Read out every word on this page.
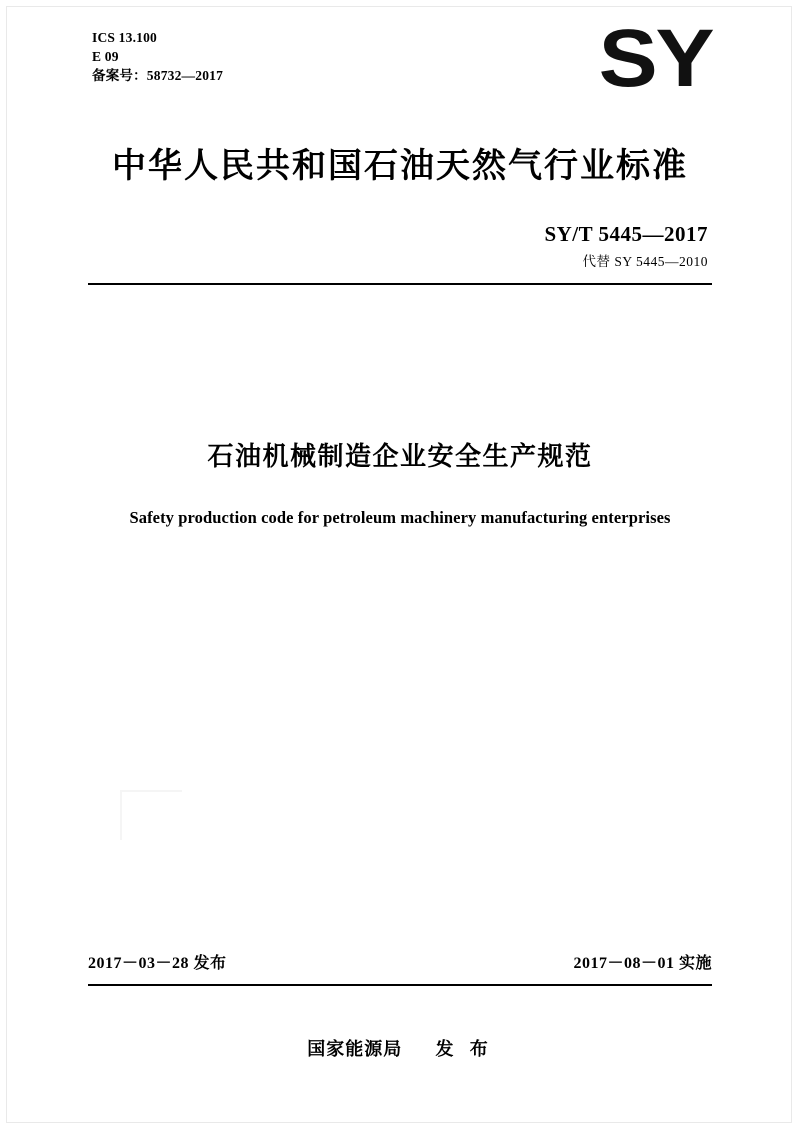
ICS 13.100
E 09
备案号：58732—2017	SY
中华人民共和国石油天然气行业标准
SY/T 5445—2017
代替 SY 5445—2010
石油机械制造企业安全生产规范
Safety production code for petroleum machinery manufacturing enterprises
2017－03－28 发布	2017－08－01 实施
国家能源局 发 布
